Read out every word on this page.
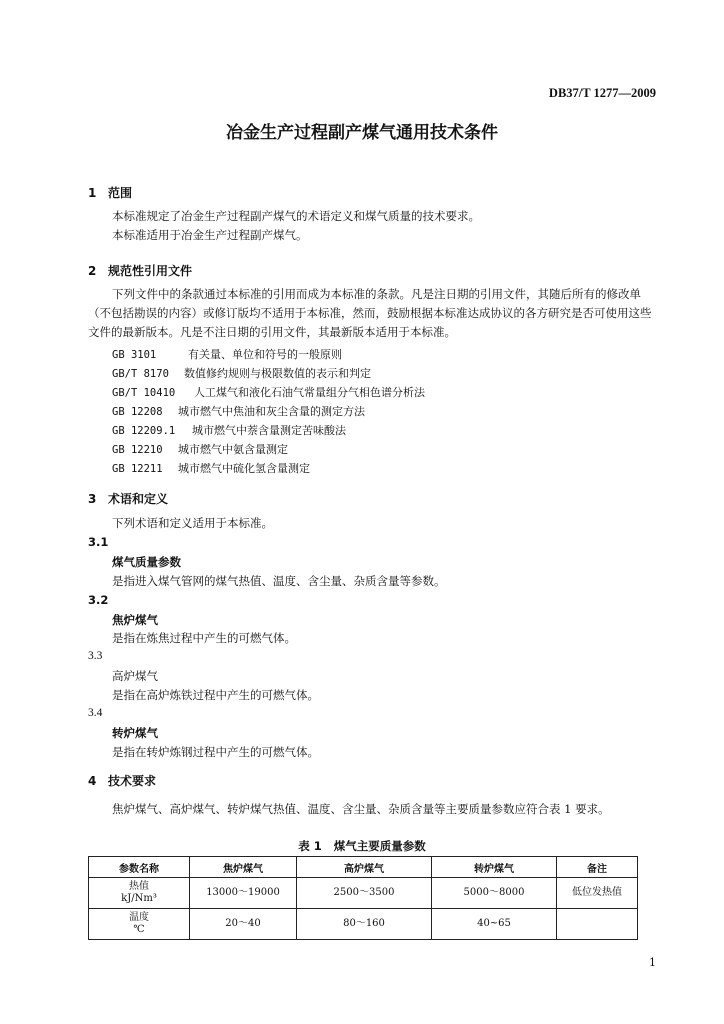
DB37/T 1277—2009
冶金生产过程副产煤气通用技术条件
1 范围
本标准规定了冶金生产过程副产煤气的术语定义和煤气质量的技术要求。
本标准适用于冶金生产过程副产煤气。
2 规范性引用文件
下列文件中的条款通过本标准的引用而成为本标准的条款。凡是注日期的引用文件，其随后所有的修改单（不包括勘误的内容）或修订版均不适用于本标准，然而，鼓励根据本标准达成协议的各方研究是否可使用这些文件的最新版本。凡是不注日期的引用文件，其最新版本适用于本标准。
GB 3101	有关量、单位和符号的一般原则
GB/T 8170 数值修约规则与极限数值的表示和判定
GB/T 10410 人工煤气和液化石油气常量组分气相色谱分析法
GB 12208 城市燃气中焦油和灰尘含量的测定方法
GB 12209.1 城市燃气中萘含量测定苦味酸法
GB 12210 城市燃气中氨含量测定
GB 12211 城市燃气中硫化氢含量测定
3 术语和定义
下列术语和定义适用于本标准。
3.1
煤气质量参数
是指进入煤气管网的煤气热值、温度、含尘量、杂质含量等参数。
3.2
焦炉煤气
是指在炼焦过程中产生的可燃气体。
3.3
高炉煤气
是指在高炉炼铁过程中产生的可燃气体。
3.4
转炉煤气
是指在转炉炼钢过程中产生的可燃气体。
4 技术要求
焦炉煤气、高炉煤气、转炉煤气热值、温度、含尘量、杂质含量等主要质量参数应符合表 1 要求。
表 1 煤气主要质量参数
参数名称	焦炉煤气	高炉煤气	转炉煤气	备注

热值
kJ/Nm³	13000～19000	2500～3500	5000～8000	低位发热值

温度
℃	20～40	80～160	40~65	
1
